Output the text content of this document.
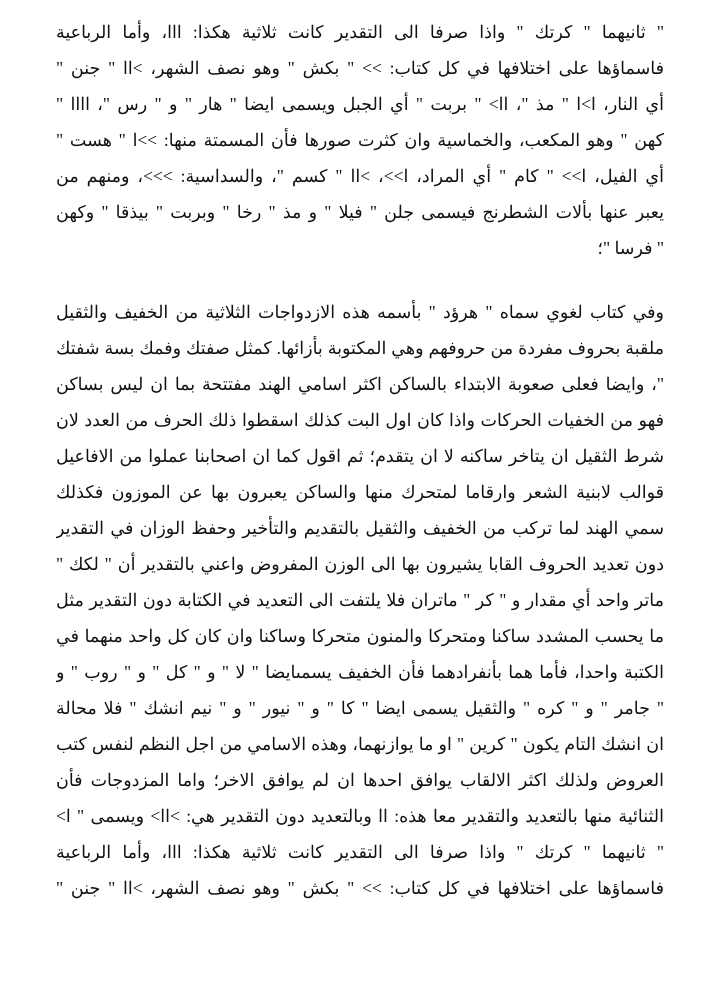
" ثانيهما " كرتك " واذا صرفا الى التقدير كانت ثلاثية هكذا: ااا، وأما الرباعية
فاسماؤها على اختلافها في كل كتاب: >> " بكش " وهو نصف الشهر، >اا " جنن "
أي النار، ا>ا " مذ "، اا> " بربت " أي الجبل ويسمى ايضا " هار " و " رس "، اااا "
كهن " وهو المكعب، والخماسية وان كثرت صورها فأن المسمتة منها: >>ا " هست "
أي الفيل، ا>> " كام " أي المراد، ا>>، >اا " كسم "، والسداسية: >>>، ومنهم من
يعبر عنها بألات الشطرنج فيسمى جلن " فيلا " و مذ " رخا " وبربت " بيذقا " وكهن
" فرسا "؛
وفي كتاب لغوي سماه " هرؤد " بأسمه هذه الازدواجات الثلاثية من الخفيف والثقيل
ملقبة بحروف مفردة من حروفهم وهي المكتوبة بأزائها. كمثل صفتك وفمك بسة شفتك
"، وايضا فعلى صعوبة الابتداء بالساكن اكثر اسامي الهند مفتتحة بما ان ليس بساكن
فهو من الخفيات الحركات واذا كان اول البت كذلك اسقطوا ذلك الحرف من العدد لان
شرط الثقيل ان يتاخر ساكنه لا ان يتقدم؛ ثم اقول كما ان اصحابنا عملوا من الافاعيل
قوالب لابنية الشعر وارقاما لمتحرك منها والساكن يعبرون بها عن الموزون فكذلك
سمي الهند لما تركب من الخفيف والثقيل بالتقديم والتأخير وحفظ الوزان في التقدير
دون تعديد الحروف القابا يشيرون بها الى الوزن المفروض واعني بالتقدير أن " لكك "
ماتر واحد أي مقدار و " كر " ماتران فلا يلتفت الى التعديد في الكتابة دون التقدير مثل
ما يحسب المشدد ساكنا ومتحركا والمنون متحركا وساكنا وان كان كل واحد منهما في
الكتبة واحدا، فأما هما بأنفرادهما فأن الخفيف يسمىايضا " لا " و " كل " و " روب " و
" جامر " و " كره " والثقيل يسمى ايضا " كا " و " نيور " و " نيم انشك " فلا محالة
ان انشك التام يكون " كرين " او ما يوازنهما، وهذه الاسامي من اجل النظم لنفس كتب
العروض ولذلك اكثر الالقاب يوافق احدها ان لم يوافق الاخر؛ واما المزدوجات فأن
الثنائية منها بالتعديد والتقدير معا هذه: اا وبالتعديد دون التقدير هي: >اا> ويسمى " ا>
" ثانيهما " كرتك " واذا صرفا الى التقدير كانت ثلاثية هكذا: ااا، وأما الرباعية
فاسماؤها على اختلافها في كل كتاب: >> " بكش " وهو نصف الشهر، >اا " جنن "
